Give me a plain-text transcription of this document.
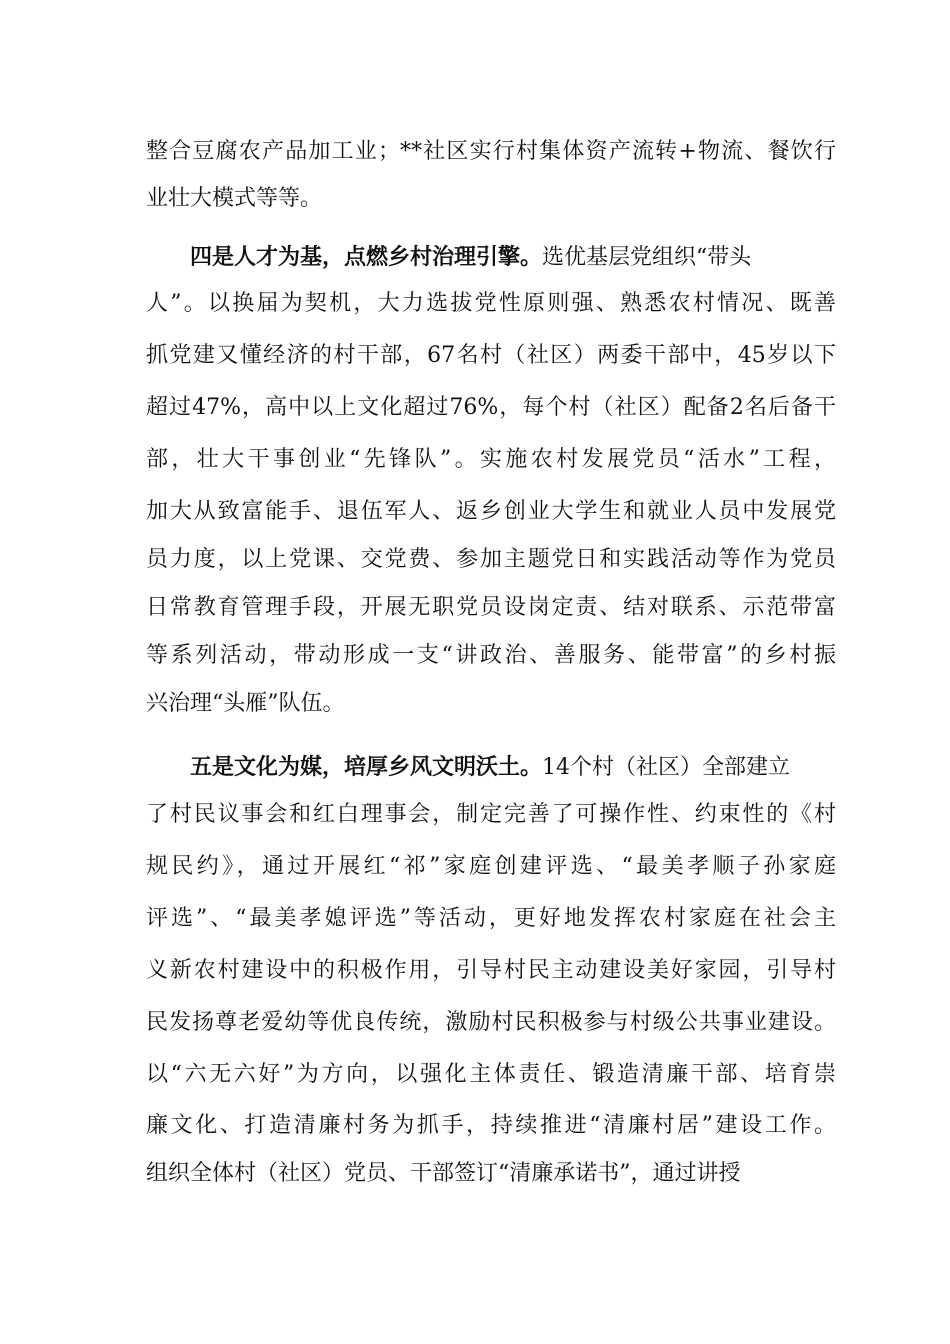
整合豆腐农产品加工业；**社区实行村集体资产流转+物流、餐饮行
业壮大模式等等。
四是人才为基，点燃乡村治理引擎。选优基层党组织“带头
人”。以换届为契机，大力选拔党性原则强、熟悉农村情况、既善
抓党建又懂经济的村干部，67名村（社区）两委干部中，45岁以下
超过47%，高中以上文化超过76%，每个村（社区）配备2名后备干
部，壮大干事创业“先锋队”。实施农村发展党员“活水”工程，
加大从致富能手、退伍军人、返乡创业大学生和就业人员中发展党
员力度，以上党课、交党费、参加主题党日和实践活动等作为党员
日常教育管理手段，开展无职党员设岗定责、结对联系、示范带富
等系列活动，带动形成一支“讲政治、善服务、能带富”的乡村振
兴治理“头雁”队伍。
五是文化为媒，培厚乡风文明沃土。14个村（社区）全部建立
了村民议事会和红白理事会，制定完善了可操作性、约束性的《村
规民约》，通过开展红“祁”家庭创建评选、“最美孝顺子孙家庭
评选”、“最美孝媳评选”等活动，更好地发挥农村家庭在社会主
义新农村建设中的积极作用，引导村民主动建设美好家园，引导村
民发扬尊老爱幼等优良传统，激励村民积极参与村级公共事业建设。
以“六无六好”为方向，以强化主体责任、锻造清廉干部、培育崇
廉文化、打造清廉村务为抓手，持续推进“清廉村居”建设工作。
组织全体村（社区）党员、干部签订“清廉承诺书”，通过讲授
